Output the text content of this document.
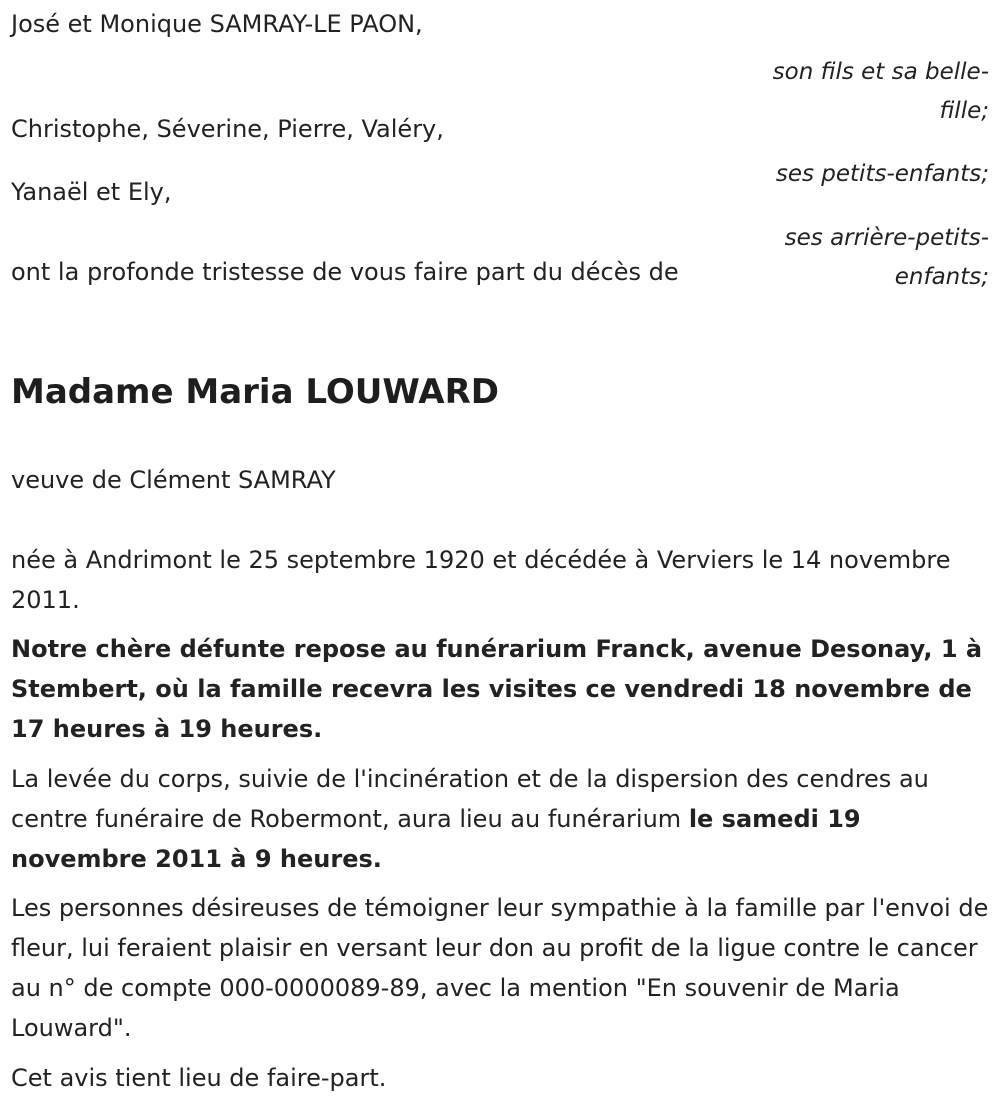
José et Monique SAMRAY-LE PAON,

son fils et sa belle-fille;

Christophe, Séverine, Pierre, Valéry,

ses petits-enfants;

Yanaël et Ely,

ses arrière-petits-enfants;

ont la profonde tristesse de vous faire part du décès de

Madame Maria LOUWARD

veuve de Clément SAMRAY

née à Andrimont le 25 septembre 1920 et décédée à Verviers le 14 novembre 2011.

Notre chère défunte repose au funérarium Franck, avenue Desonay, 1 à Stembert, où la famille recevra les visites ce vendredi 18 novembre de 17 heures à 19 heures.

La levée du corps, suivie de l'incinération et de la dispersion des cendres au centre funéraire de Robermont, aura lieu au funérarium le samedi 19 novembre 2011 à 9 heures.

Les personnes désireuses de témoigner leur sympathie à la famille par l'envoi de fleur, lui feraient plaisir en versant leur don au profit de la ligue contre le cancer au n° de compte 000-0000089-89, avec la mention "En souvenir de Maria Louward".

Cet avis tient lieu de faire-part.
